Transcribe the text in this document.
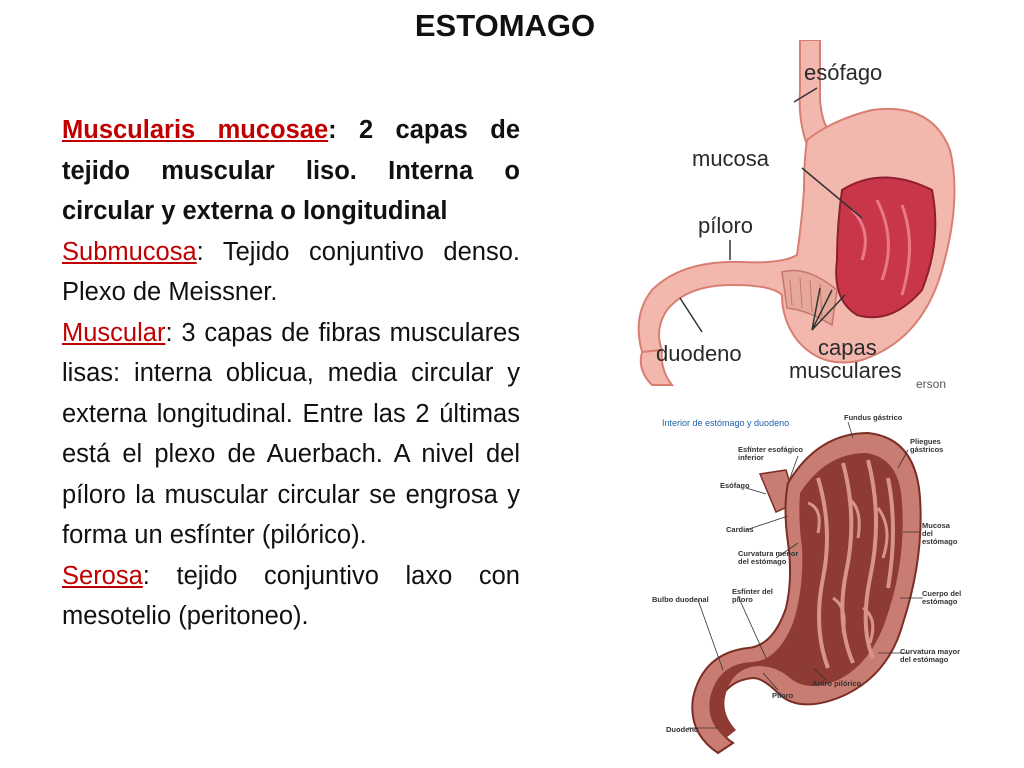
ESTOMAGO

Muscularis mucosae: 2 capas de tejido muscular liso. Interna o circular y externa o longitudinal

Submucosa: Tejido conjuntivo denso. Plexo de Meissner.

Muscular: 3 capas de fibras musculares lisas: interna oblicua, media circular y externa longitudinal. Entre las 2 últimas está el plexo de Auerbach. A nivel del píloro la muscular circular se engrosa y forma un esfínter (pilórico).

Serosa: tejido conjuntivo laxo con mesotelio (peritoneo).

esófago
mucosa
píloro
duodeno	capas
musculares
erson
Interior de estómago y duodeno
Fundus gástrico
Esfínter esofágico
inferior
Pliegues
gástricos
Esófago
Cardias	Mucosa
del
estómago
Curvatura menor
del estómago
Esfínter del
píloro
Bulbo duodenal
Cuerpo del
estómago
Curvatura mayor
del estómago
Antro pilórico
Píloro
Duodeno
